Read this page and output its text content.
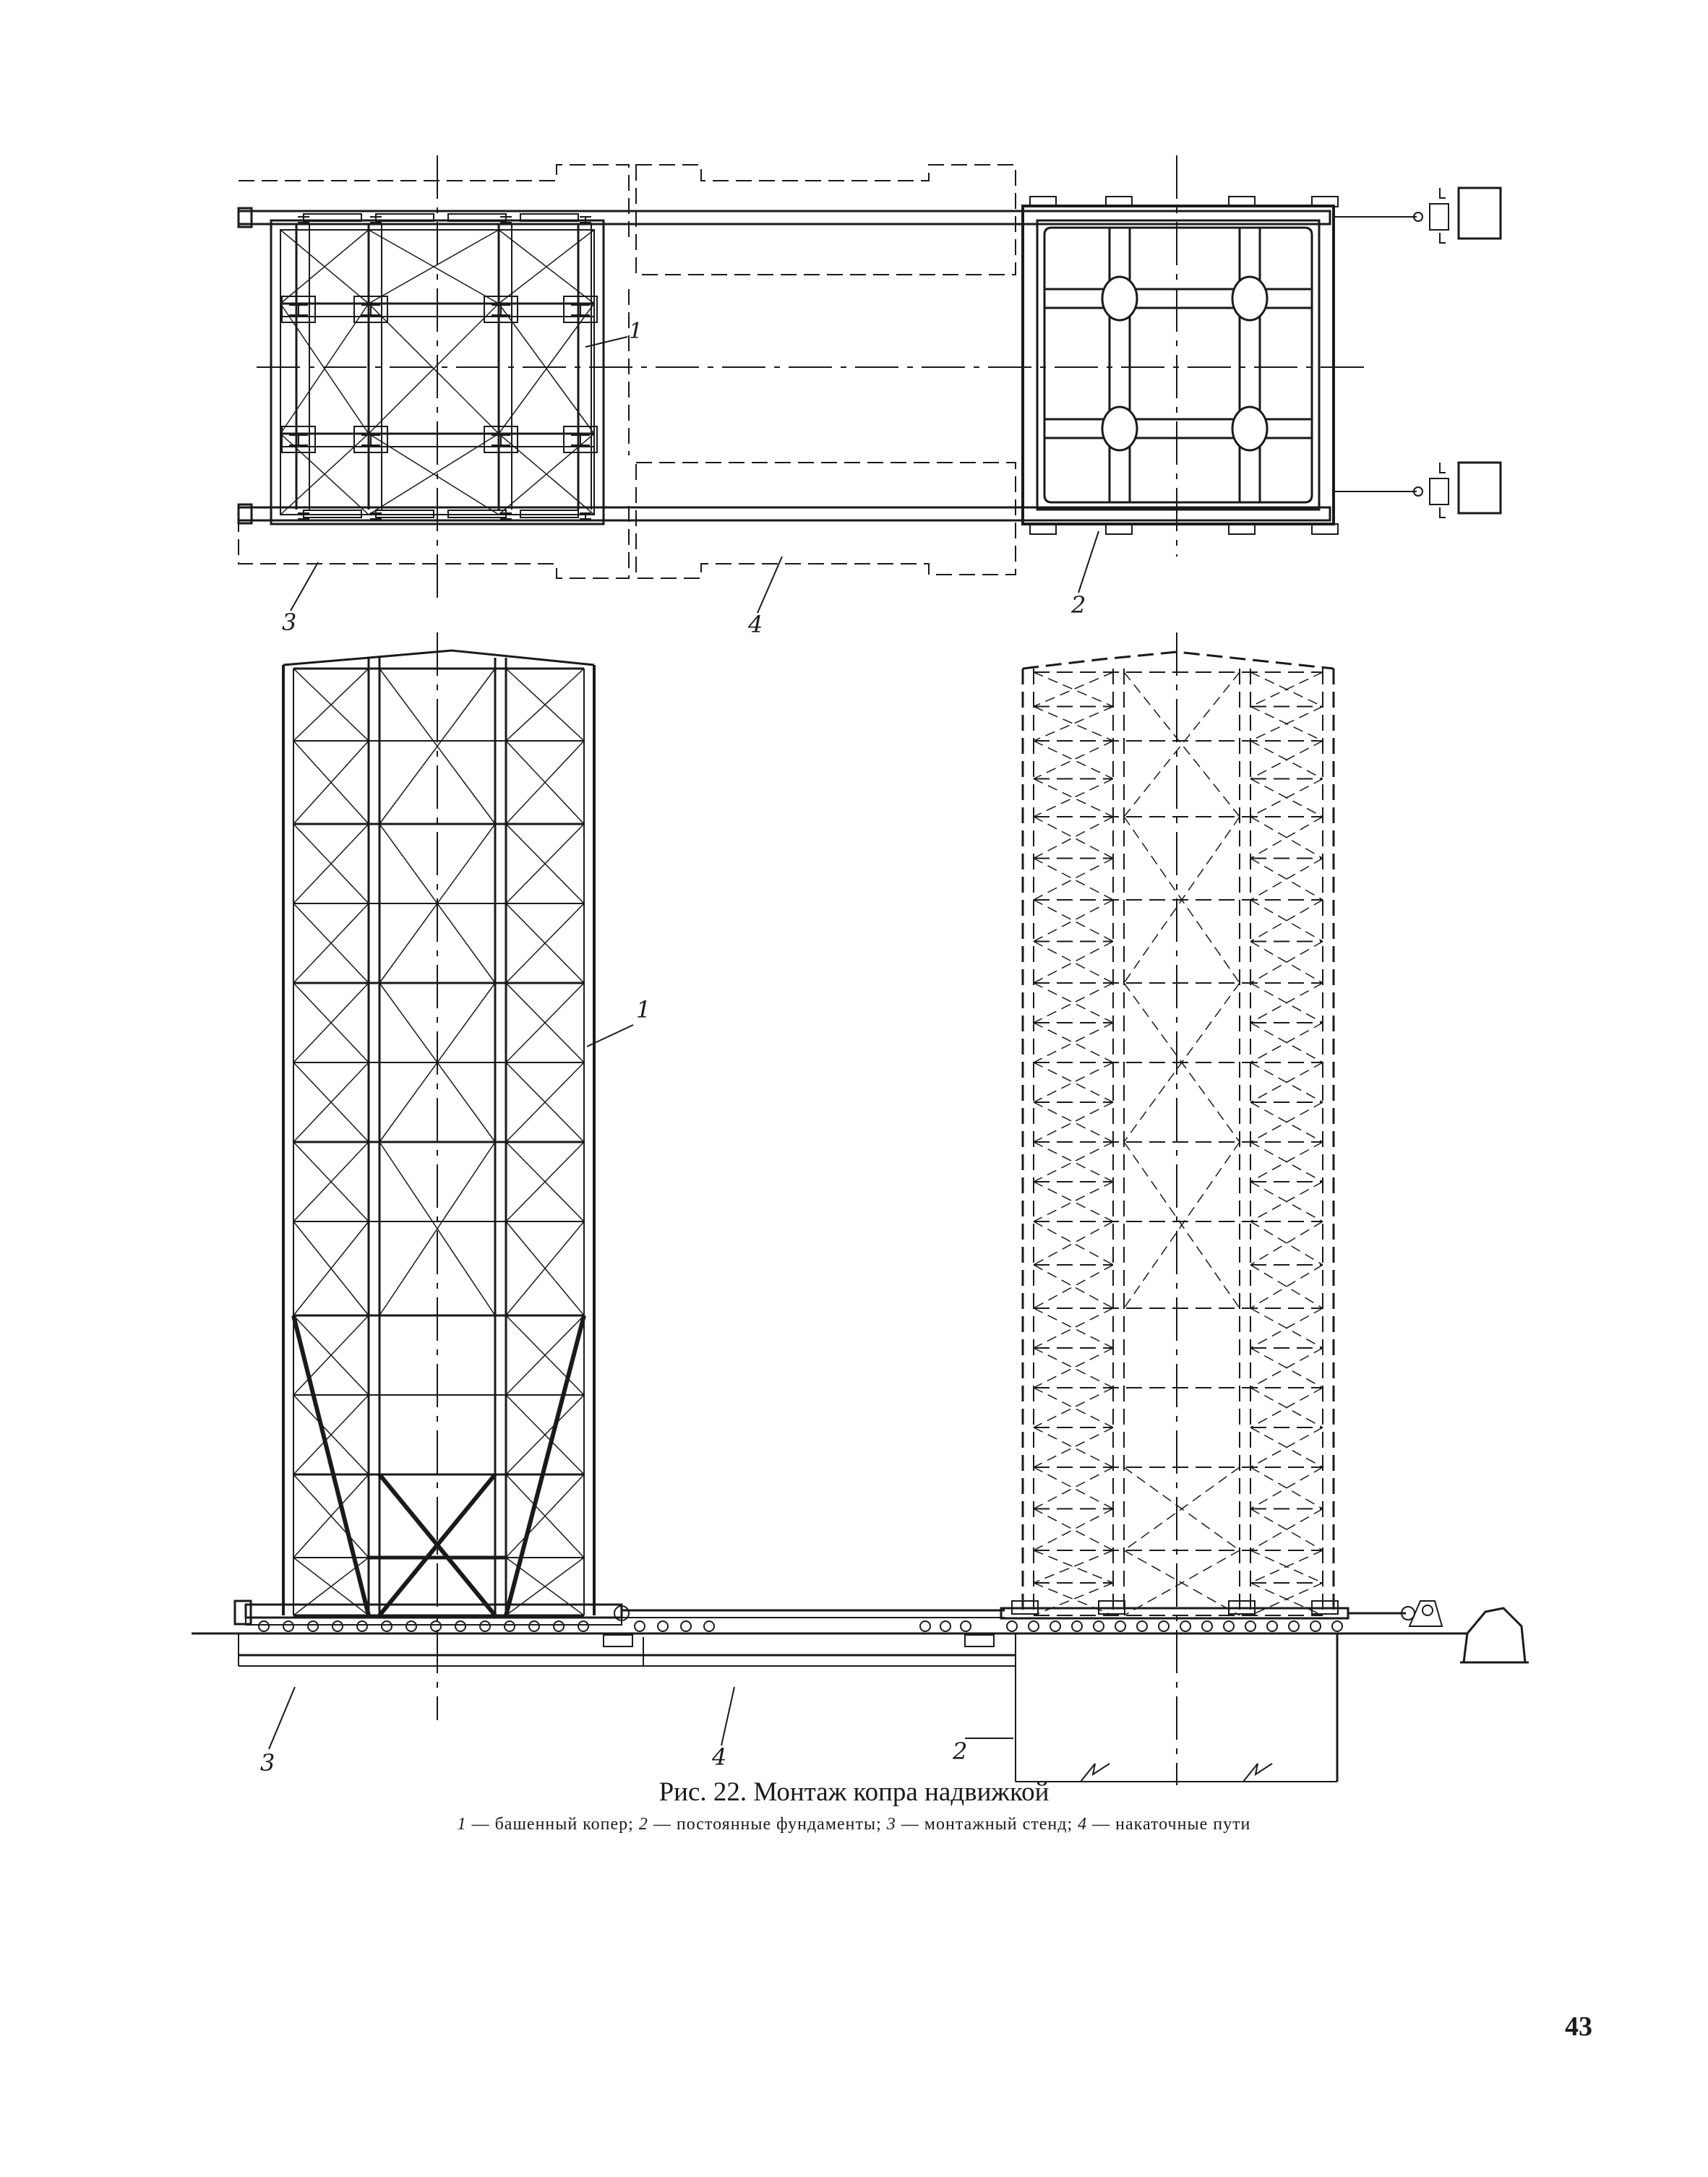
1
2
3	4
1
2
3	4
Рис. 22. Монтаж копра надвижкой
1 — башенный копер; 2 — постоянные фундаменты; 3 — монтажный стенд; 4 — накаточные пути
43
